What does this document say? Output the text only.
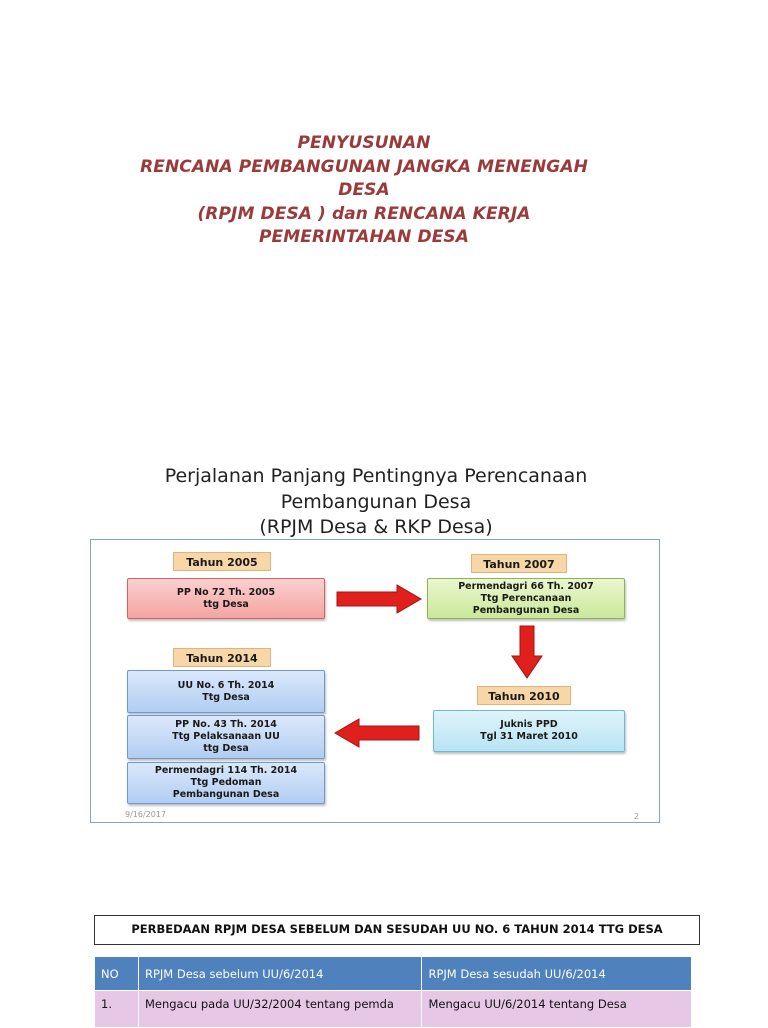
PENYUSUNAN
RENCANA PEMBANGUNAN JANGKA MENENGAH
DESA
(RPJM DESA ) dan RENCANA KERJA
PEMERINTAHAN DESA
Perjalanan Panjang Pentingnya Perencanaan
Pembangunan Desa
(RPJM Desa & RKP Desa)
Tahun 2005	Tahun 2007
Tahun 2014
Tahun 2010
PP No 72 Th. 2005
ttg Desa
Permendagri 66 Th. 2007
Ttg Perencanaan
Pembangunan Desa
Juknis PPD
Tgl 31 Maret 2010
UU No. 6 Th. 2014
Ttg Desa
PP No. 43 Th. 2014
Ttg Pelaksanaan UU
ttg Desa
Permendagri 114 Th. 2014
Ttg Pedoman
Pembangunan Desa
9/16/2017	2
PERBEDAAN RPJM DESA SEBELUM DAN SESUDAH UU NO. 6 TAHUN 2014 TTG DESA
NO	RPJM Desa sebelum UU/6/2014	RPJM Desa sesudah UU/6/2014
1.	Mengacu pada UU/32/2004 tentang pemda	Mengacu UU/6/2014 tentang Desa
